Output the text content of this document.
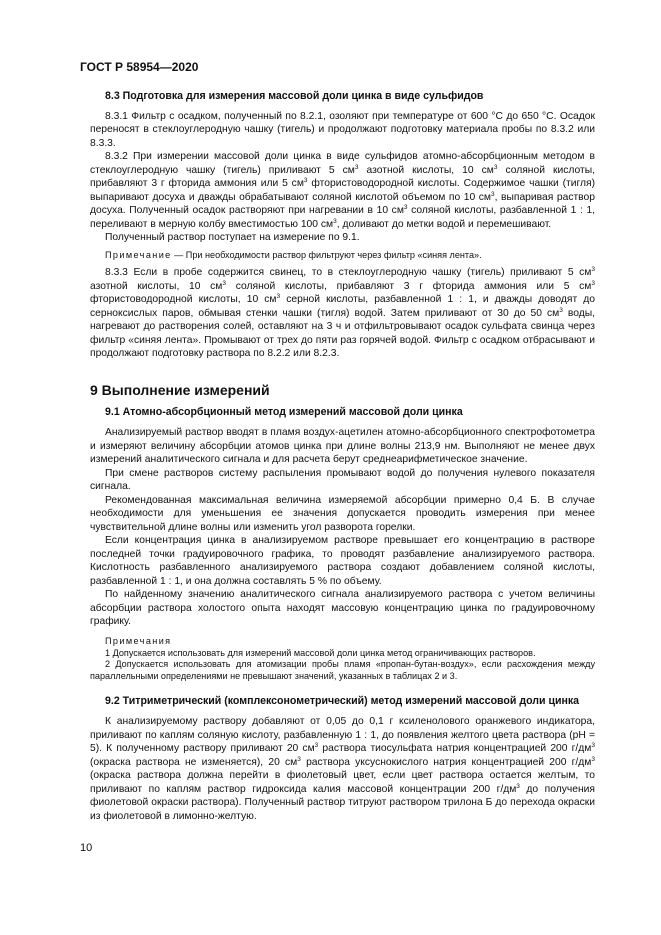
ГОСТ Р 58954—2020
8.3 Подготовка для измерения массовой доли цинка в виде сульфидов

8.3.1 Фильтр с осадком, полученный по 8.2.1, озоляют при температуре от 600 °С до 650 °С. Осадок переносят в стеклоуглеродную чашку (тигель) и продолжают подготовку материала пробы по 8.3.2 или 8.3.3.

8.3.2 При измерении массовой доли цинка в виде сульфидов атомно-абсорбционным методом в стеклоуглеродную чашку (тигель) приливают 5 $см^3$ азотной кислоты, 10 $см^3$ соляной кислоты, прибавляют 3 г фторида аммония или 5 $см^3$ фтористоводородной кислоты. Содержимое чашки (тигля) выпаривают досуха и дважды обрабатывают соляной кислотой объемом по 10 $см^3$, выпаривая раствор досуха. Полученный осадок растворяют при нагревании в 10 $см^3$ соляной кислоты, разбавленной 1 : 1, переливают в мерную колбу вместимостью 100 $см^3$, доливают до метки водой и перемешивают.

Полученный раствор поступает на измерение по 9.1.

Примечание — При необходимости раствор фильтруют через фильтр «синяя лента».

8.3.3 Если в пробе содержится свинец, то в стеклоуглеродную чашку (тигель) приливают 5 $см^3$ азотной кислоты, 10 $см^3$ соляной кислоты, прибавляют 3 г фторида аммония или 5 $см^3$ фтористоводородной кислоты, 10 $см^3$ серной кислоты, разбавленной 1 : 1, и дважды доводят до серноксислых паров, обмывая стенки чашки (тигля) водой. Затем приливают от 30 до 50 $см^3$ воды, нагревают до растворения солей, оставляют на 3 ч и отфильтровывают осадок сульфата свинца через фильтр «синяя лента». Промывают от трех до пяти раз горячей водой. Фильтр с осадком отбрасывают и продолжают подготовку раствора по 8.2.2 или 8.2.3.

9 Выполнение измерений
9.1 Атомно-абсорбционный метод измерений массовой доли цинка

Анализируемый раствор вводят в пламя воздух-ацетилен атомно-абсорбционного спектрофотометра и измеряют величину абсорбции атомов цинка при длине волны 213,9 нм. Выполняют не менее двух измерений аналитического сигнала и для расчета берут среднеарифметическое значение.

При смене растворов систему распыления промывают водой до получения нулевого показателя сигнала.

Рекомендованная максимальная величина измеряемой абсорбции примерно 0,4 Б. В случае необходимости для уменьшения ее значения допускается проводить измерения при менее чувствительной длине волны или изменить угол разворота горелки.

Если концентрация цинка в анализируемом растворе превышает его концентрацию в растворе последней точки градуировочного графика, то проводят разбавление анализируемого раствора. Кислотность разбавленного анализируемого раствора создают добавлением соляной кислоты, разбавленной 1 : 1, и она должна составлять 5 % по объему.

По найденному значению аналитического сигнала анализируемого раствора с учетом величины абсорбции раствора холостого опыта находят массовую концентрацию цинка по градуировочному графику.

Примечания

1 Допускается использовать для измерений массовой доли цинка метод ограничивающих растворов.

2 Допускается использовать для атомизации пробы пламя «пропан-бутан-воздух», если расхождения между параллельными определениями не превышают значений, указанных в таблицах 2 и 3.

9.2 Титриметрический (комплексонометрический) метод измерений массовой доли цинка

К анализируемому раствору добавляют от 0,05 до 0,1 г ксиленолового оранжевого индикатора, приливают по каплям соляную кислоту, разбавленную 1 : 1, до появления желтого цвета раствора (рН = 5). К полученному раствору приливают 20 $см^3$ раствора тиосульфата натрия концентрацией 200 $г/дм^3$ (окраска раствора не изменяется), 20 $см^3$ раствора уксуснокислого натрия концентрацией 200 $г/дм^3$ (окраска раствора должна перейти в фиолетовый цвет, если цвет раствора остается желтым, то приливают по каплям раствор гидроксида калия массовой концентрации 200 $г/дм^3$ до получения фиолетовой окраски раствора). Полученный раствор титруют раствором трилона Б до перехода окраски из фиолетовой в лимонно-желтую.

10
